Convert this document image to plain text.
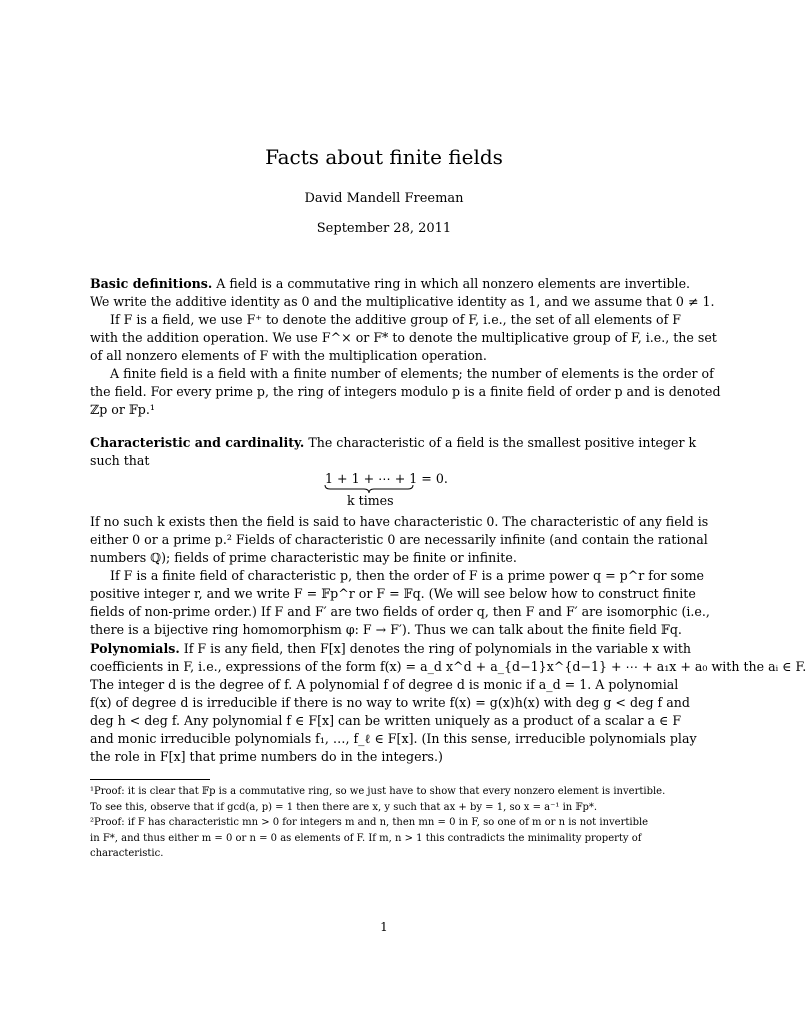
Facts about finite fields
David Mandell Freeman
September 28, 2011
Basic definitions. A field is a commutative ring in which all nonzero elements are invertible.
We write the additive identity as 0 and the multiplicative identity as 1, and we assume that 0 ≠ 1.
If F is a field, we use F⁺ to denote the additive group of F, i.e., the set of all elements of F
with the addition operation. We use F^× or F* to denote the multiplicative group of F, i.e., the set
of all nonzero elements of F with the multiplication operation.
A finite field is a field with a finite number of elements; the number of elements is the order of
the field. For every prime p, the ring of integers modulo p is a finite field of order p and is denoted
ℤp or 𝔽p.¹
Characteristic and cardinality. The characteristic of a field is the smallest positive integer k
such that
1 + 1 + ⋯ + 1 = 0.
k times
If no such k exists then the field is said to have characteristic 0. The characteristic of any field is
either 0 or a prime p.² Fields of characteristic 0 are necessarily infinite (and contain the rational
numbers ℚ); fields of prime characteristic may be finite or infinite.
If F is a finite field of characteristic p, then the order of F is a prime power q = p^r for some
positive integer r, and we write F = 𝔽p^r or F = 𝔽q. (We will see below how to construct finite
fields of non-prime order.) If F and F′ are two fields of order q, then F and F′ are isomorphic (i.e.,
there is a bijective ring homomorphism φ: F → F′). Thus we can talk about the finite field 𝔽q.
Polynomials. If F is any field, then F[x] denotes the ring of polynomials in the variable x with
coefficients in F, i.e., expressions of the form f(x) = a_d x^d + a_{d−1}x^{d−1} + ⋯ + a₁x + a₀ with the aᵢ ∈ F.
The integer d is the degree of f. A polynomial f of degree d is monic if a_d = 1. A polynomial
f(x) of degree d is irreducible if there is no way to write f(x) = g(x)h(x) with deg g < deg f and
deg h < deg f. Any polynomial f ∈ F[x] can be written uniquely as a product of a scalar a ∈ F
and monic irreducible polynomials f₁, …, f_ℓ ∈ F[x]. (In this sense, irreducible polynomials play
the role in F[x] that prime numbers do in the integers.)
¹Proof: it is clear that 𝔽p is a commutative ring, so we just have to show that every nonzero element is invertible.
To see this, observe that if gcd(a, p) = 1 then there are x, y such that ax + by = 1, so x = a⁻¹ in 𝔽p*.
²Proof: if F has characteristic mn > 0 for integers m and n, then mn = 0 in F, so one of m or n is not invertible
in F*, and thus either m = 0 or n = 0 as elements of F. If m, n > 1 this contradicts the minimality property of
characteristic.
1
